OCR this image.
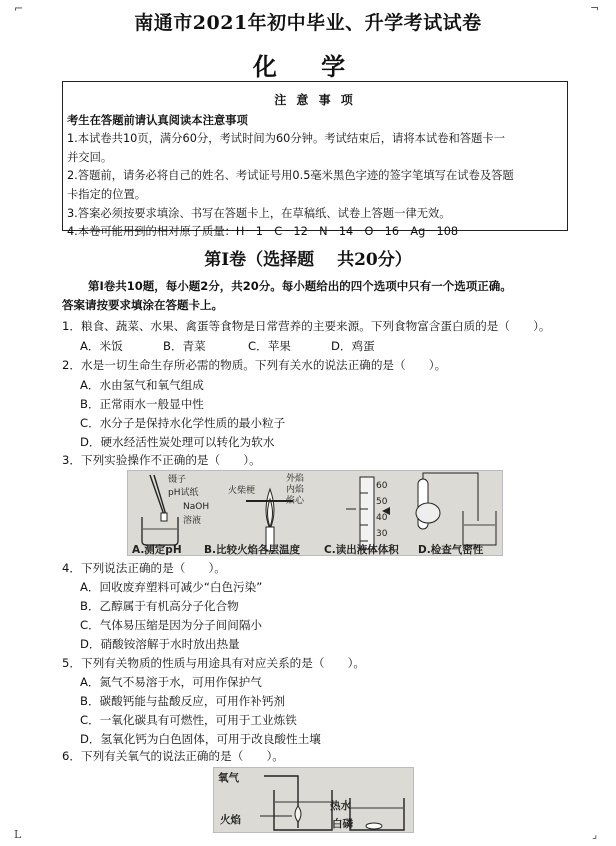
⌐	¬
南通市2021年初中毕业、升学考试试卷
化 学
注 意 事 项
考生在答题前请认真阅读本注意事项
1.本试卷共10页，满分60分，考试时间为60分钟。考试结束后，请将本试卷和答题卡一
并交回。
2.答题前，请务必将自己的姓名、考试证号用0.5毫米黑色字迹的签字笔填写在试卷及答题
卡指定的位置。
3.答案必须按要求填涂、书写在答题卡上，在草稿纸、试卷上答题一律无效。
4.本卷可能用到的相对原子质量：H－1　C－12　N－14　O－16　Ag－108
第Ⅰ卷（选择题　 共20分）
第Ⅰ卷共10题，每小题2分，共20分。每小题给出的四个选项中只有一个选项正确。
答案请按要求填涂在答题卡上。
1．粮食、蔬菜、水果、禽蛋等食物是日常营养的主要来源。下列食物富含蛋白质的是（　　）。
A．米饭	B．青菜	C．苹果	D．鸡蛋
2．水是一切生命生存所必需的物质。下列有关水的说法正确的是（　　）。
A．水由氢气和氧气组成
B．正常雨水一般显中性
C．水分子是保持水化学性质的最小粒子
D．硬水经活性炭处理可以转化为软水
3．下列实验操作不正确的是（　　）。
镊子
pH试纸
NaOH
溶液
火柴梗
外焰
内焰
焰心
60
50
40
30
A.测定pH B.比较火焰各层温度 C.读出液体体积 D.检查气密性
4．下列说法正确的是（　　）。
A．回收废弃塑料可减少“白色污染”
B．乙醇属于有机高分子化合物
C．气体易压缩是因为分子间间隔小
D．硝酸铵溶解于水时放出热量
5．下列有关物质的性质与用途具有对应关系的是（　　）。
A．氮气不易溶于水，可用作保护气
B．碳酸钙能与盐酸反应，可用作补钙剂
C．一氧化碳具有可燃性，可用于工业炼铁
D．氢氧化钙为白色固体，可用于改良酸性土壤
6．下列有关氧气的说法正确的是（　　）。
氧气
热水
火焰	白磷
L	⌟
